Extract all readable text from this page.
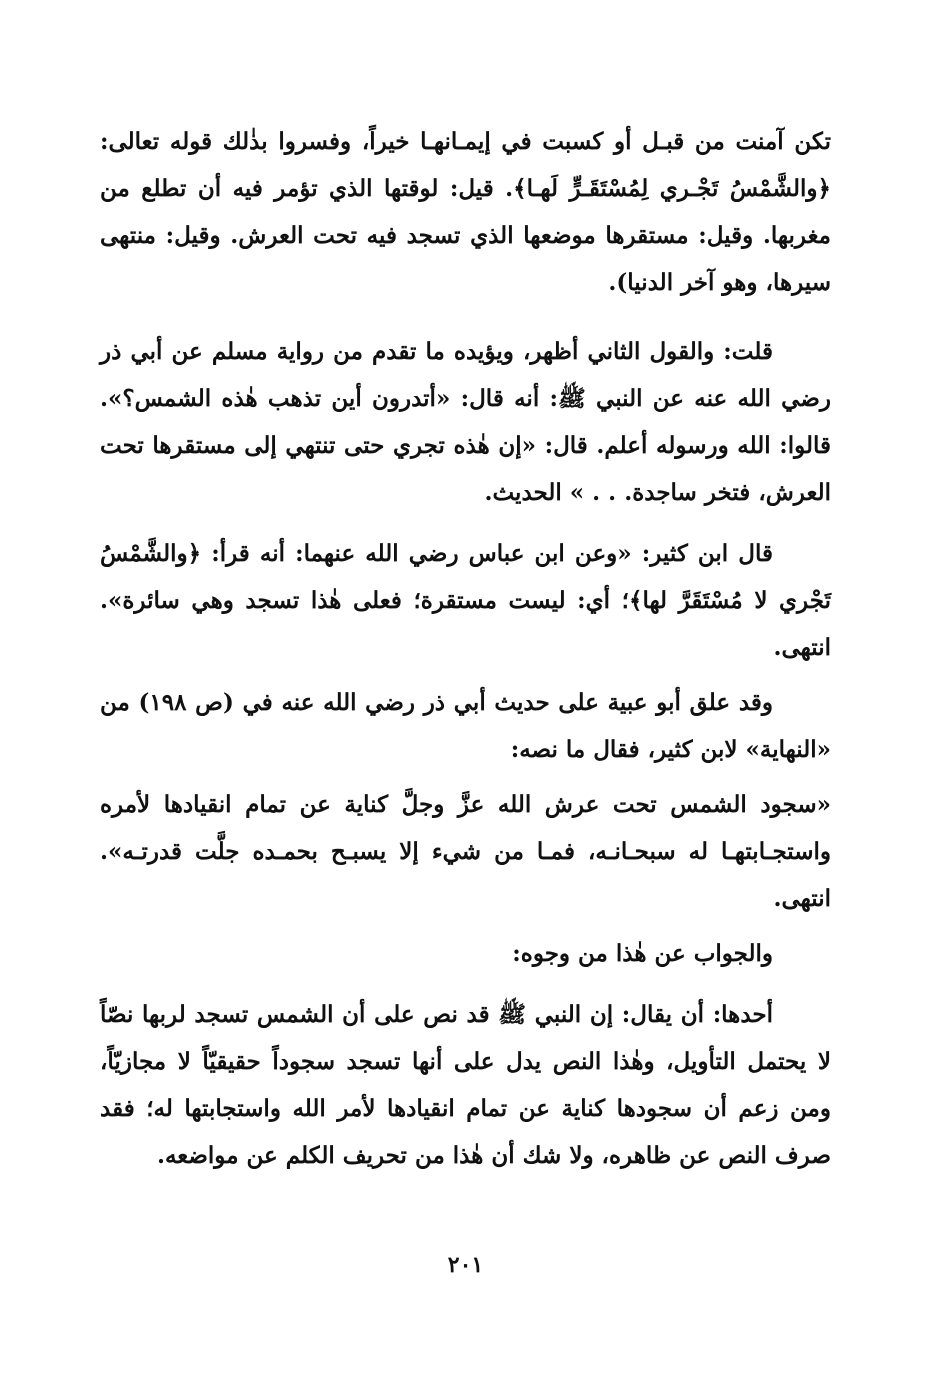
تكن آمنت من قبـل أو كسبت في إيمـانهـا خيراً، وفسروا بذٰلك قوله تعالى: ﴿والشَّمْسُ تَجْـري لِمُسْتَقَـرٍّ لَهـا﴾. قيل: لوقتها الذي تؤمر فيه أن تطلع من مغربها. وقيل: مستقرها موضعها الذي تسجد فيه تحت العرش. وقيل: منتهى سيرها، وهو آخر الدنيا).

قلت: والقول الثاني أظهر، ويؤيده ما تقدم من رواية مسلم عن أبي ذر رضي الله عنه عن النبي ﷺ: أنه قال: «أتدرون أين تذهب هٰذه الشمس؟». قالوا: الله ورسوله أعلم. قال: «إن هٰذه تجري حتى تنتهي إلى مستقرها تحت العرش، فتخر ساجدة. . . » الحديث.

قال ابن كثير: «وعن ابن عباس رضي الله عنهما: أنه قرأ: ﴿والشَّمْسُ تَجْري لا مُسْتَقَرَّ لها﴾؛ أي: ليست مستقرة؛ فعلى هٰذا تسجد وهي سائرة». انتهى.

وقد علق أبو عبية على حديث أبي ذر رضي الله عنه في (ص ١٩٨) من «النهاية» لابن كثير، فقال ما نصه:

«سجود الشمس تحت عرش الله عزَّ وجلَّ كناية عن تمام انقيادها لأمره واستجـابتهـا له سبحـانـه، فمـا من شيء إلا يسبـح بحمـده جلَّت قدرتـه». انتهى.

والجواب عن هٰذا من وجوه:

أحدها: أن يقال: إن النبي ﷺ قد نص على أن الشمس تسجد لربها نصّاً لا يحتمل التأويل، وهٰذا النص يدل على أنها تسجد سجوداً حقيقيّاً لا مجازيّاً، ومن زعم أن سجودها كناية عن تمام انقيادها لأمر الله واستجابتها له؛ فقد صرف النص عن ظاهره، ولا شك أن هٰذا من تحريف الكلم عن مواضعه.

٢٠١
